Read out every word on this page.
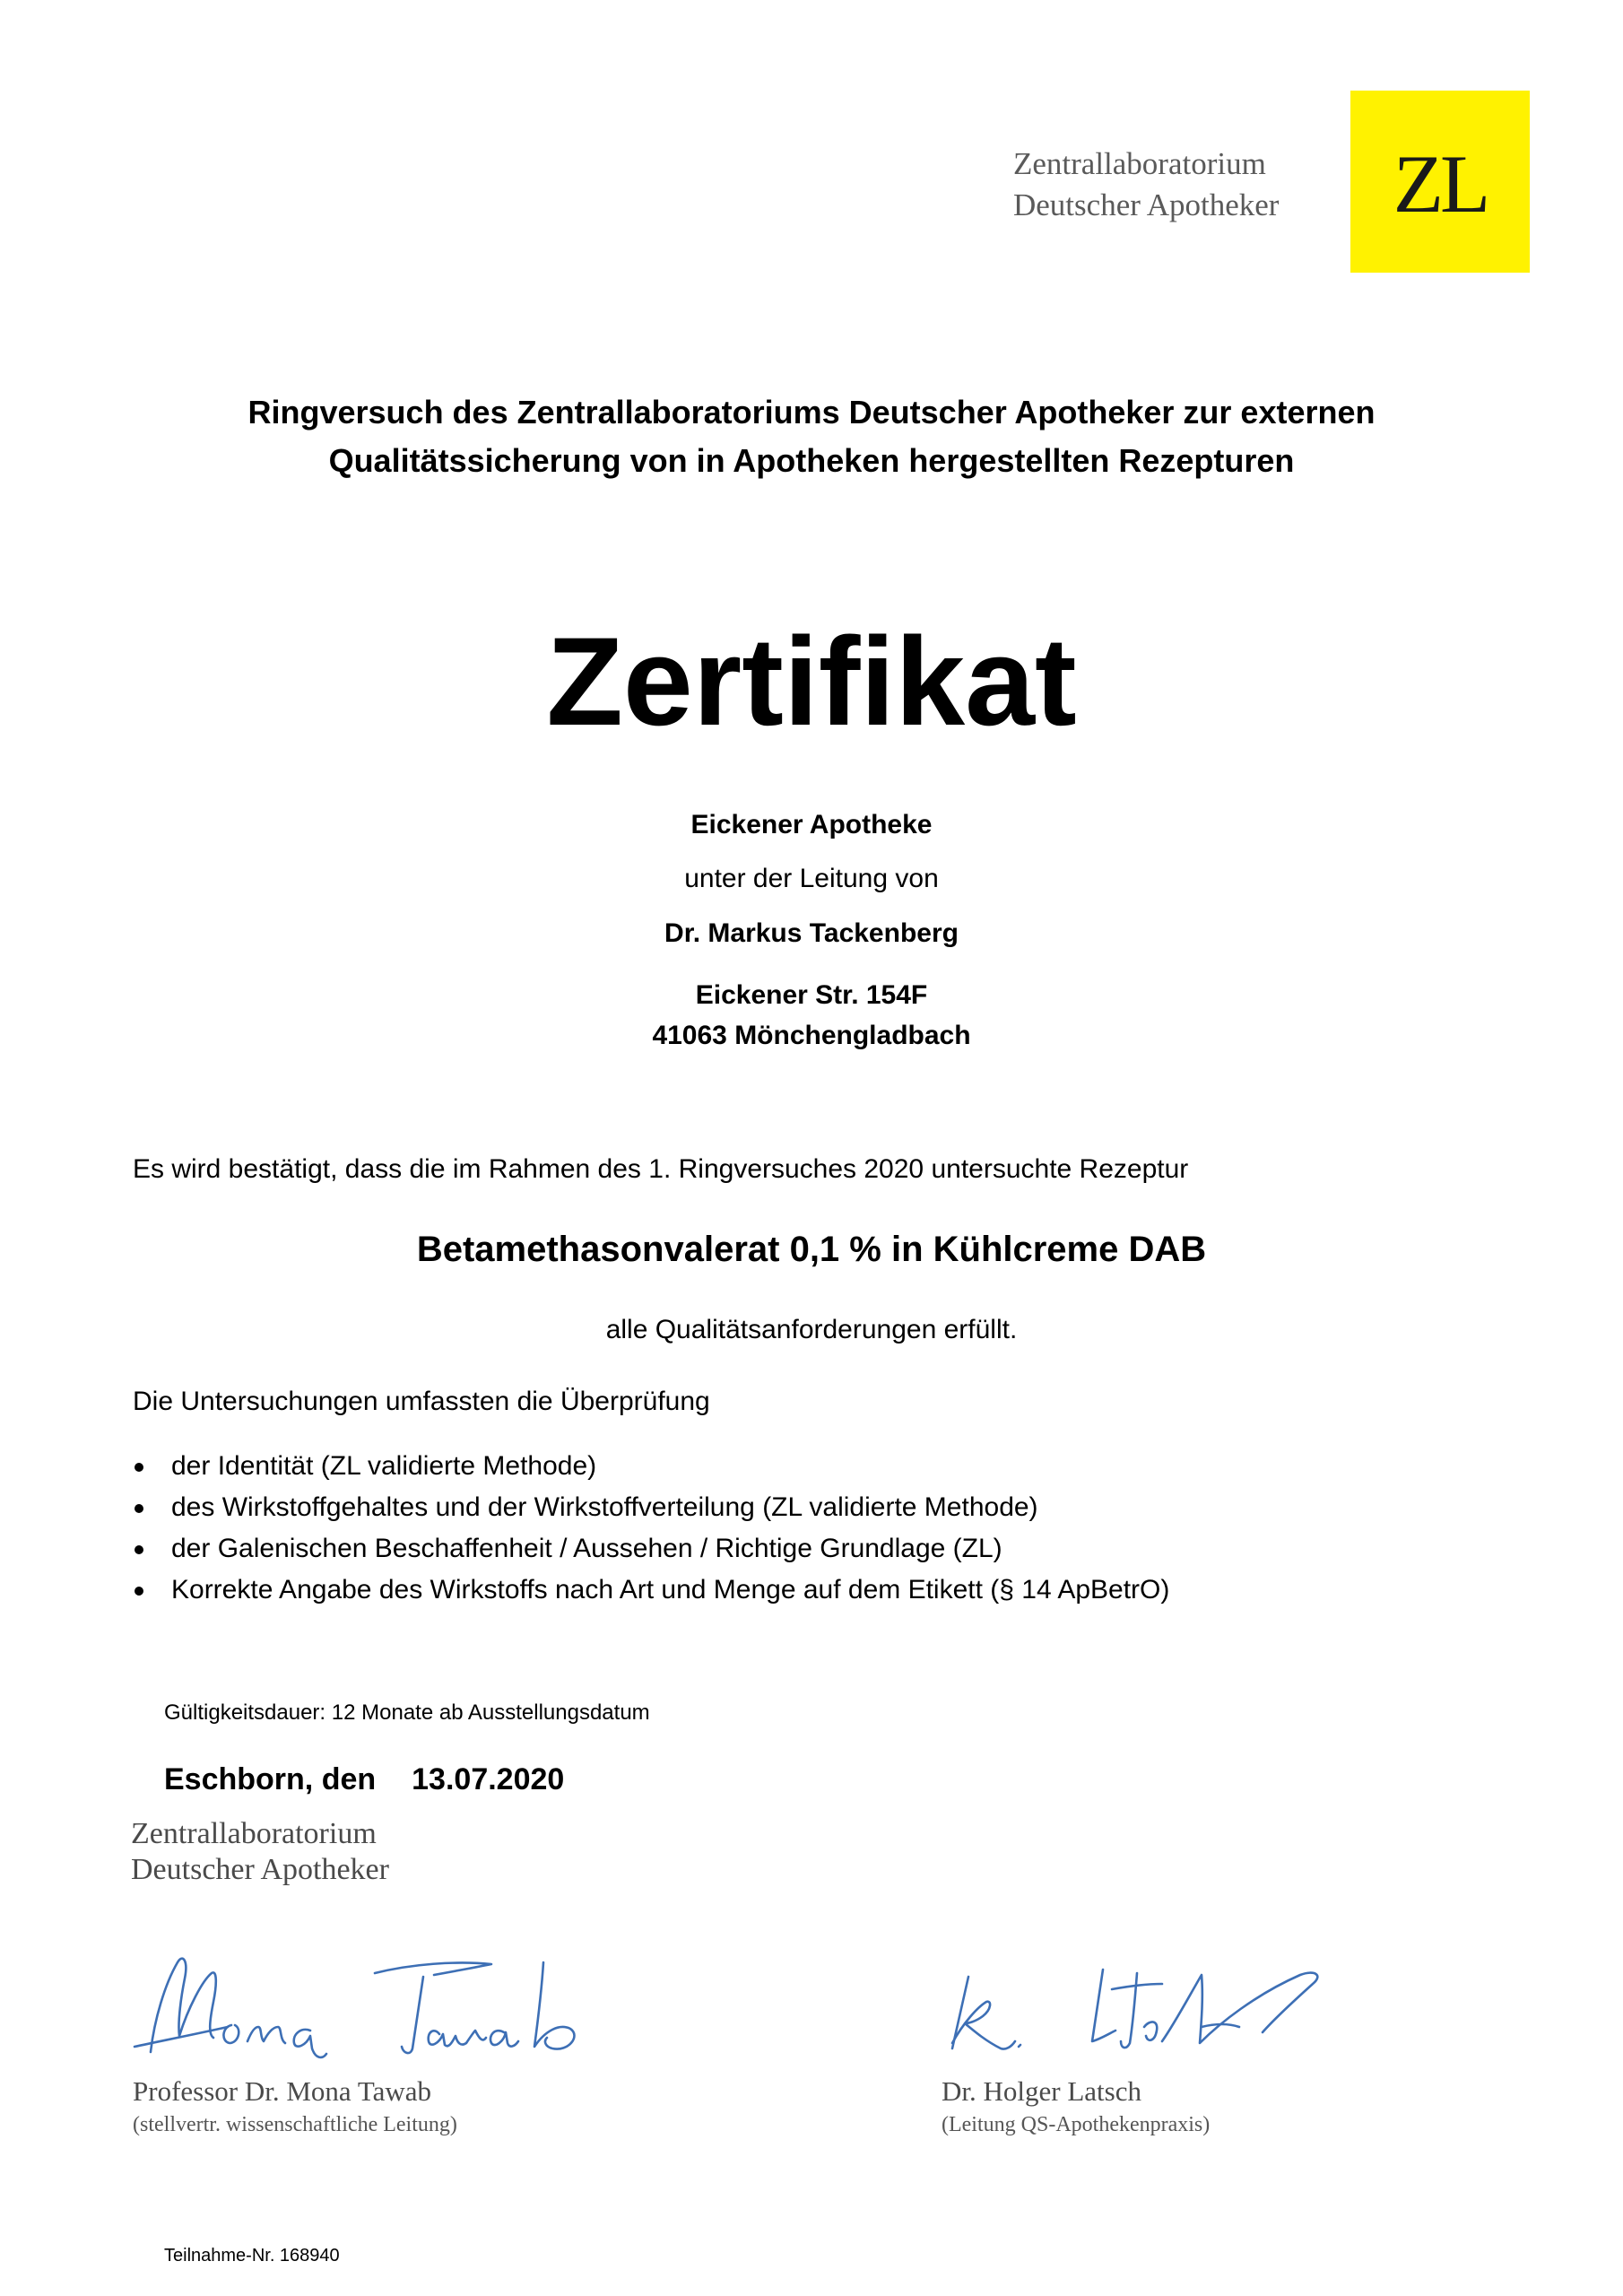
Zentrallaboratorium
Deutscher Apotheker	ZL
Ringversuch des Zentrallaboratoriums Deutscher Apotheker zur externen
Qualitätssicherung von in Apotheken hergestellten Rezepturen
Zertifikat
Eickener Apotheke
unter der Leitung von
Dr. Markus Tackenberg
Eickener Str. 154F
41063 Mönchengladbach
Es wird bestätigt, dass die im Rahmen des 1. Ringversuches 2020 untersuchte Rezeptur
Betamethasonvalerat 0,1 % in Kühlcreme DAB
alle Qualitätsanforderungen erfüllt.
Die Untersuchungen umfassten die Überprüfung
der Identität (ZL validierte Methode)
des Wirkstoffgehaltes und der Wirkstoffverteilung (ZL validierte Methode)
der Galenischen Beschaffenheit / Aussehen / Richtige Grundlage (ZL)
Korrekte Angabe des Wirkstoffs nach Art und Menge auf dem Etikett (§ 14 ApBetrO)
Gültigkeitsdauer: 12 Monate ab Ausstellungsdatum
Eschborn, den 13.07.2020
Zentrallaboratorium
Deutscher Apotheker
Professor Dr. Mona Tawab
(stellvertr. wissenschaftliche Leitung)
Dr. Holger Latsch
(Leitung QS-Apothekenpraxis)
Teilnahme-Nr. 168940
